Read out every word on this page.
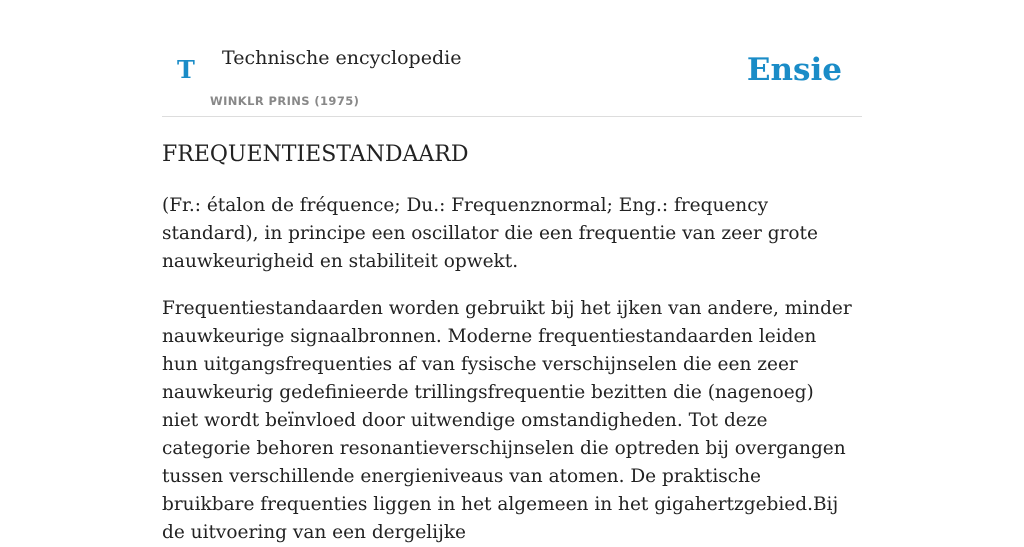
T Technische encyclopedie
WINKLR PRINS (1975)
Ensie
FREQUENTIESTANDAARD

(Fr.: étalon de fréquence; Du.: Frequenznormal; Eng.: frequency standard), in principe een oscillator die een frequentie van zeer grote nauwkeurigheid en stabiliteit opwekt.

Frequentiestandaarden worden gebruikt bij het ijken van andere, minder nauwkeurige signaalbronnen. Moderne frequentiestandaarden leiden hun uitgangsfrequenties af van fysische verschijnselen die een zeer nauwkeurig gedefinieerde trillingsfrequentie bezitten die (nagenoeg) niet wordt beïnvloed door uitwendige omstandigheden. Tot deze categorie behoren resonantieverschijnselen die optreden bij overgangen tussen verschillende energieniveaus van atomen. De praktische bruikbare frequenties liggen in het algemeen in het gigahertzgebied.Bij de uitvoering van een dergelijke
